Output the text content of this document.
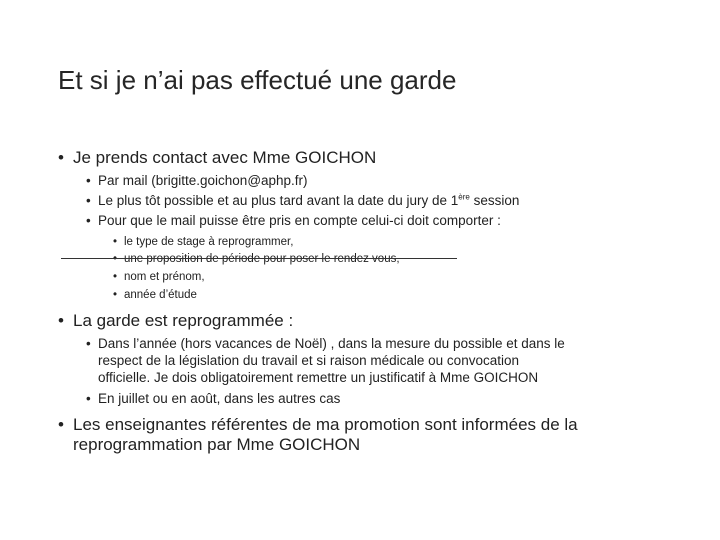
Et si je n’ai pas effectué une garde
• Je prends contact avec Mme GOICHON
• Par mail (brigitte.goichon@aphp.fr)
• Le plus tôt possible et au plus tard avant la date du jury de 1ère session
• Pour que le mail puisse être pris en compte celui-ci doit comporter :
• le type de stage à reprogrammer,
• une proposition de période pour poser le rendez vous,
• nom et prénom,
• année d’étude
• La garde est reprogrammée :
• Dans l’année (hors vacances de Noël) , dans la mesure du possible et dans le
respect de la législation du travail et si raison médicale ou convocation
officielle. Je dois obligatoirement remettre un justificatif à Mme GOICHON
• En juillet ou en août, dans les autres cas
• Les enseignantes référentes de ma promotion sont informées de la
reprogrammation par Mme GOICHON
